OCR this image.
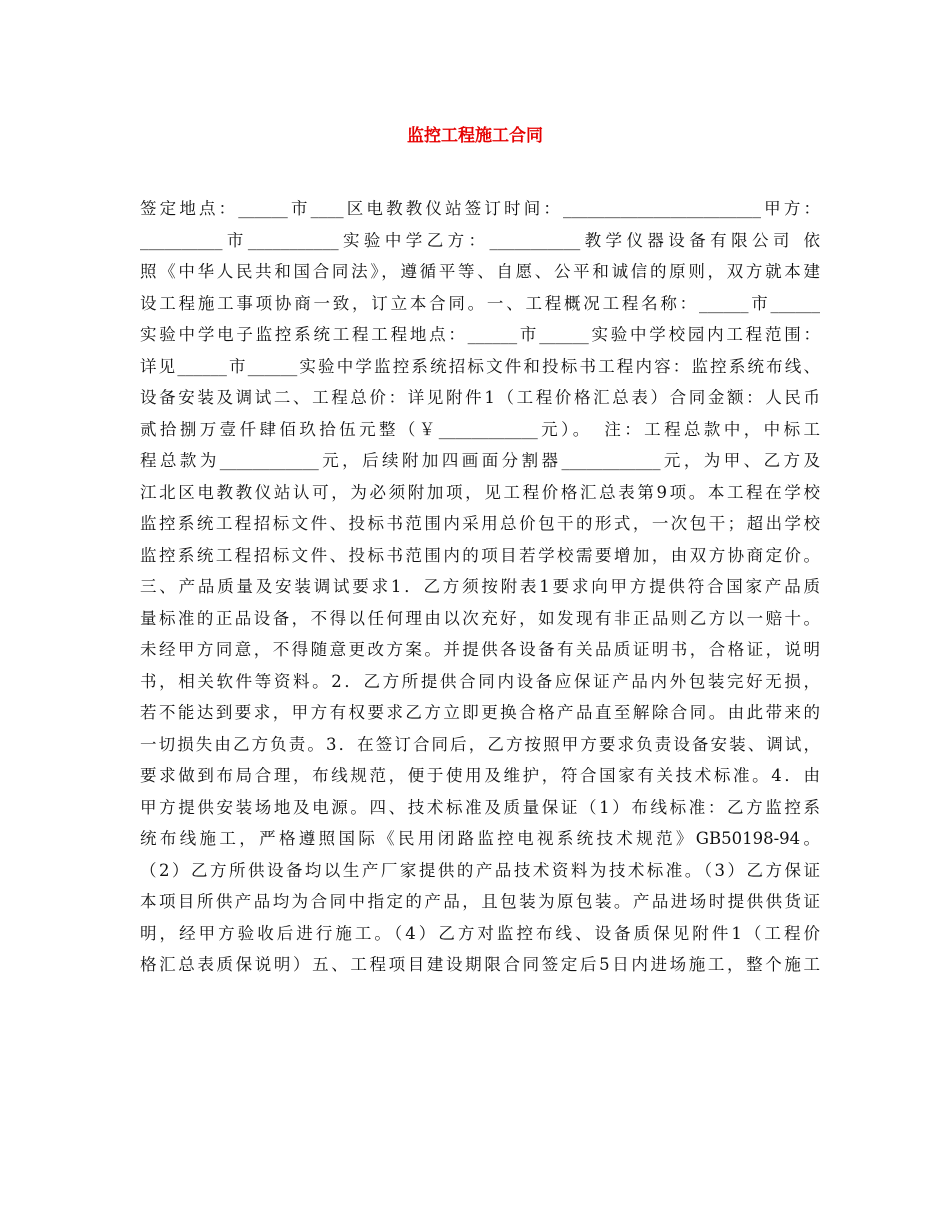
监控工程施工合同
签定地点：______市____区电教教仪站签订时间：________________________甲方：
__________市___________实验中学乙方：___________教学仪器设备有限公司 依
照《中华人民共和国合同法》，遵循平等、自愿、公平和诚信的原则，双方就本建
设工程施工事项协商一致，订立本合同。一、工程概况工程名称：______市______
实验中学电子监控系统工程工程地点：______市______实验中学校园内工程范围：
详见______市______实验中学监控系统招标文件和投标书工程内容：监控系统布线、
设备安装及调试二、工程总价：详见附件1（工程价格汇总表）合同金额：人民币
贰拾捌万壹仟肆佰玖拾伍元整（￥____________元）。　注：工程总款中，中标工
程总款为____________元，后续附加四画面分割器____________元，为甲、乙方及
江北区电教教仪站认可，为必须附加项，见工程价格汇总表第9项。本工程在学校
监控系统工程招标文件、投标书范围内采用总价包干的形式，一次包干；超出学校
监控系统工程招标文件、投标书范围内的项目若学校需要增加，由双方协商定价。
三、产品质量及安装调试要求1．乙方须按附表1要求向甲方提供符合国家产品质
量标准的正品设备，不得以任何理由以次充好，如发现有非正品则乙方以一赔十。
未经甲方同意，不得随意更改方案。并提供各设备有关品质证明书，合格证，说明
书，相关软件等资料。2．乙方所提供合同内设备应保证产品内外包装完好无损，
若不能达到要求，甲方有权要求乙方立即更换合格产品直至解除合同。由此带来的
一切损失由乙方负责。3．在签订合同后，乙方按照甲方要求负责设备安装、调试，
要求做到布局合理，布线规范，便于使用及维护，符合国家有关技术标准。4．由
甲方提供安装场地及电源。四、技术标准及质量保证（1）布线标准：乙方监控系
统布线施工，严格遵照国际《民用闭路监控电视系统技术规范》GB50198-94。
（2）乙方所供设备均以生产厂家提供的产品技术资料为技术标准。（3）乙方保证
本项目所供产品均为合同中指定的产品，且包装为原包装。产品进场时提供供货证
明，经甲方验收后进行施工。（4）乙方对监控布线、设备质保见附件1（工程价
格汇总表质保说明）五、工程项目建设期限合同签定后5日内进场施工，整个施工
